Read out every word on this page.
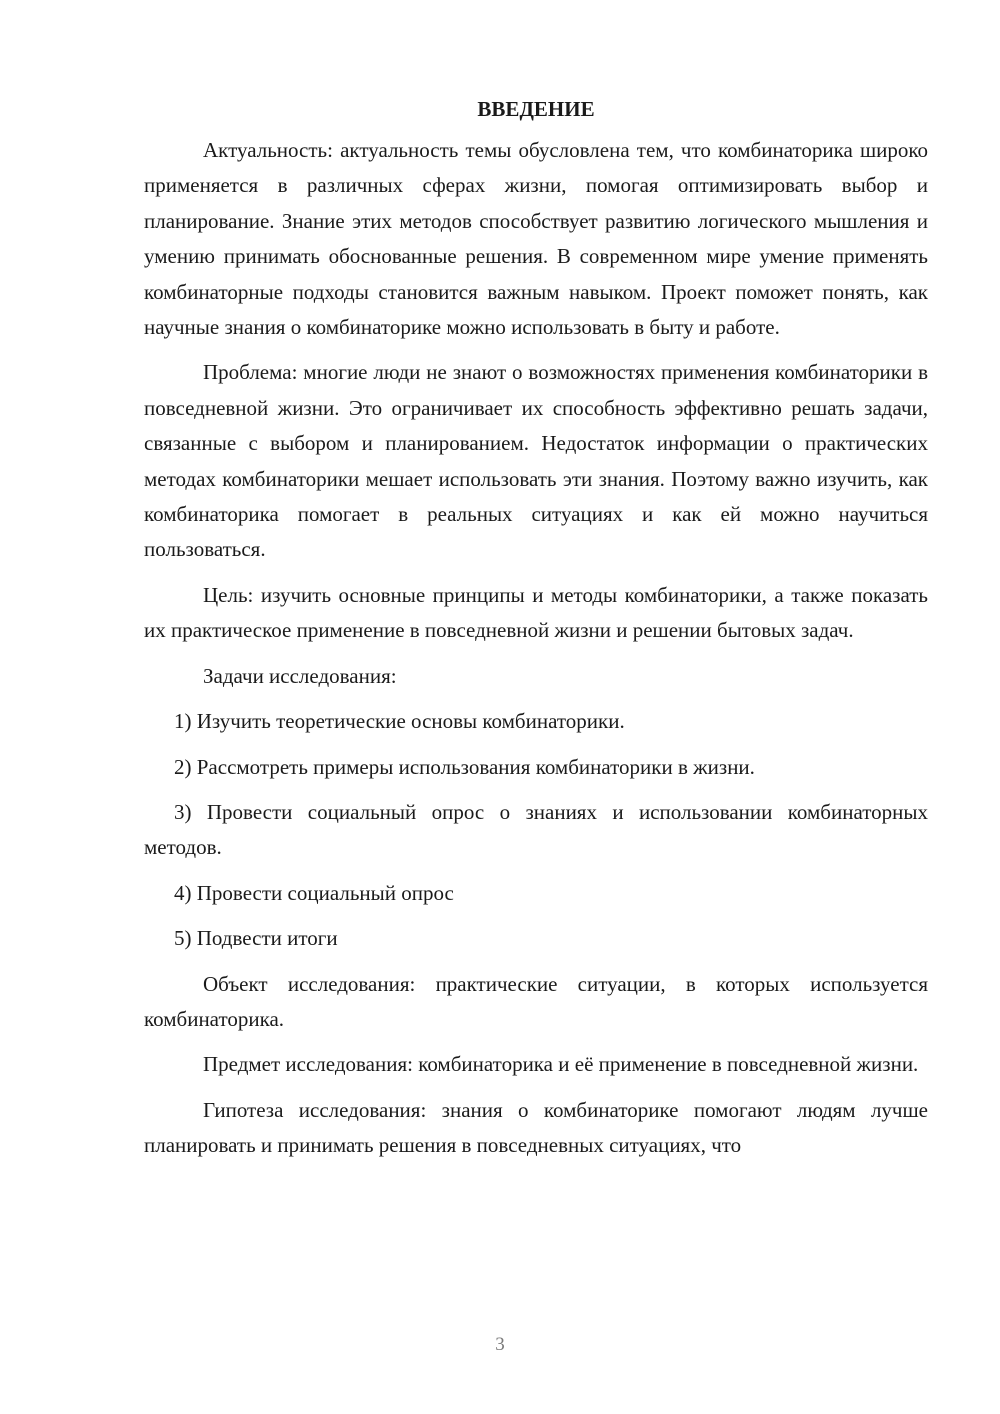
ВВЕДЕНИЕ

Актуальность: актуальность темы обусловлена тем, что комбинаторика широко применяется в различных сферах жизни, помогая оптимизировать выбор и планирование. Знание этих методов способствует развитию логического мышления и умению принимать обоснованные решения. В современном мире умение применять комбинаторные подходы становится важным навыком. Проект поможет понять, как научные знания о комбинаторике можно использовать в быту и работе.

Проблема: многие люди не знают о возможностях применения комбинаторики в повседневной жизни. Это ограничивает их способность эффективно решать задачи, связанные с выбором и планированием. Недостаток информации о практических методах комбинаторики мешает использовать эти знания. Поэтому важно изучить, как комбинаторика помогает в реальных ситуациях и как ей можно научиться пользоваться.

Цель: изучить основные принципы и методы комбинаторики, а также показать их практическое применение в повседневной жизни и решении бытовых задач.

Задачи исследования:

1) Изучить теоретические основы комбинаторики.

2) Рассмотреть примеры использования комбинаторики в жизни.

3) Провести социальный опрос о знаниях и использовании комбинаторных методов.

4) Провести социальный опрос

5) Подвести итоги

Объект исследования: практические ситуации, в которых используется комбинаторика.

Предмет исследования: комбинаторика и её применение в повседневной жизни.

Гипотеза исследования: знания о комбинаторике помогают людям лучше планировать и принимать решения в повседневных ситуациях, что

3
